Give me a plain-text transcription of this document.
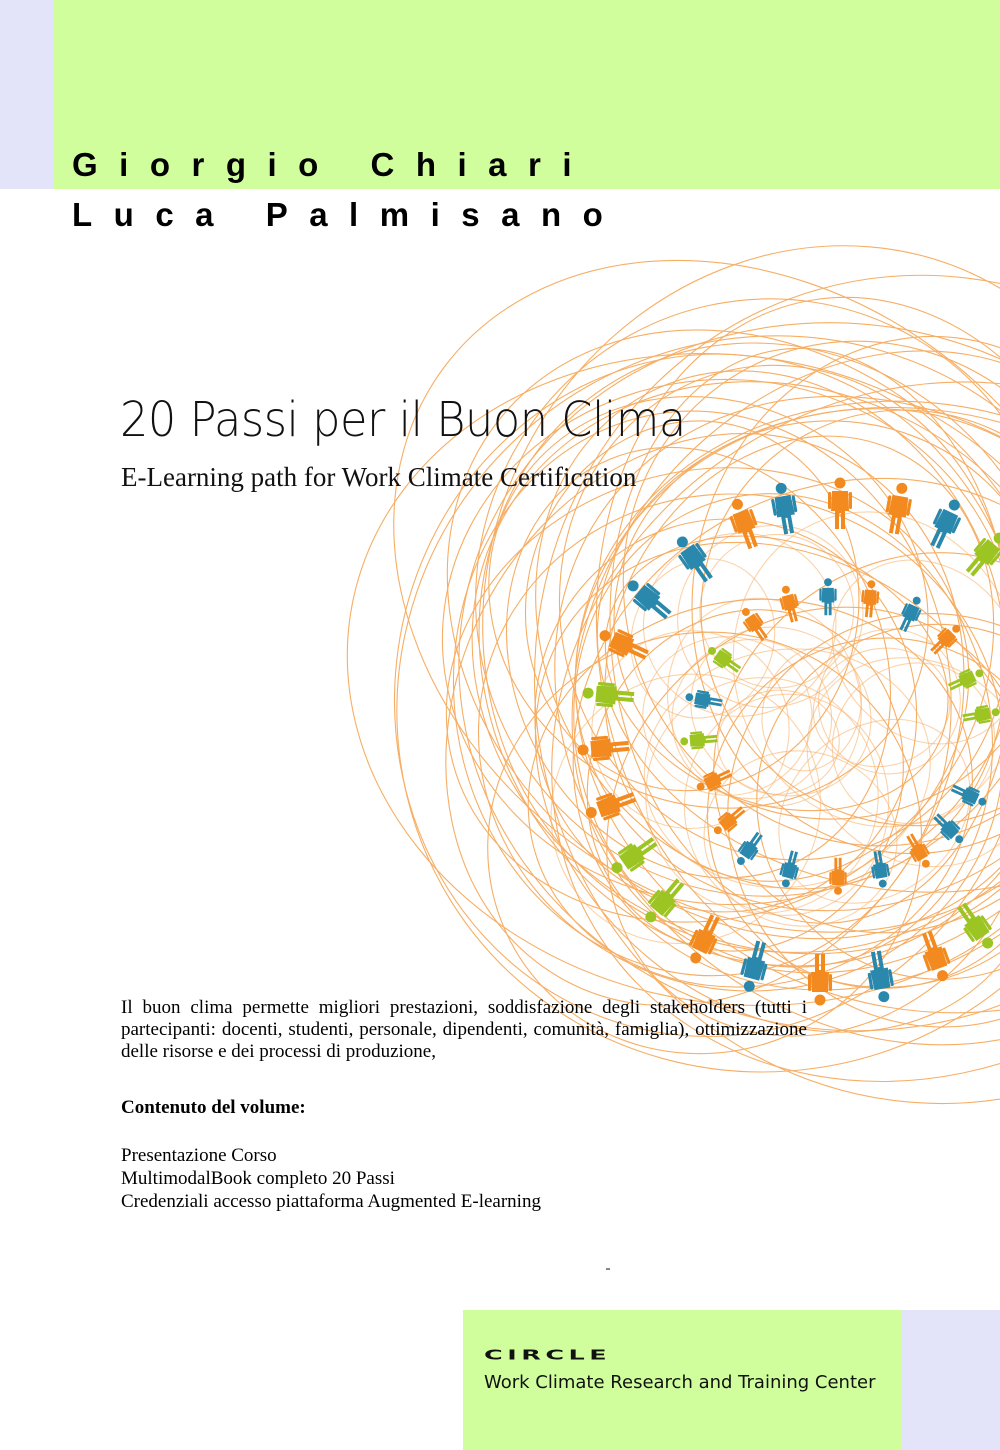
Giorgio Chiari
Luca Palmisano
20 Passi per il Buon Clima

E-Learning path for Work Climate Certification

Il buon clima permette migliori prestazioni, soddisfazione degli stakeholders (tutti i partecipanti: docenti, studenti, personale, dipendenti, comunità, famiglia), ottimizzazione delle risorse e dei processi di produzione,

Contenuto del volume:

Presentazione Corso
MultimodalBook completo 20 Passi
Credenziali accesso piattaforma Augmented E-learning

CIRCLE

Work Climate Research and Training Center
